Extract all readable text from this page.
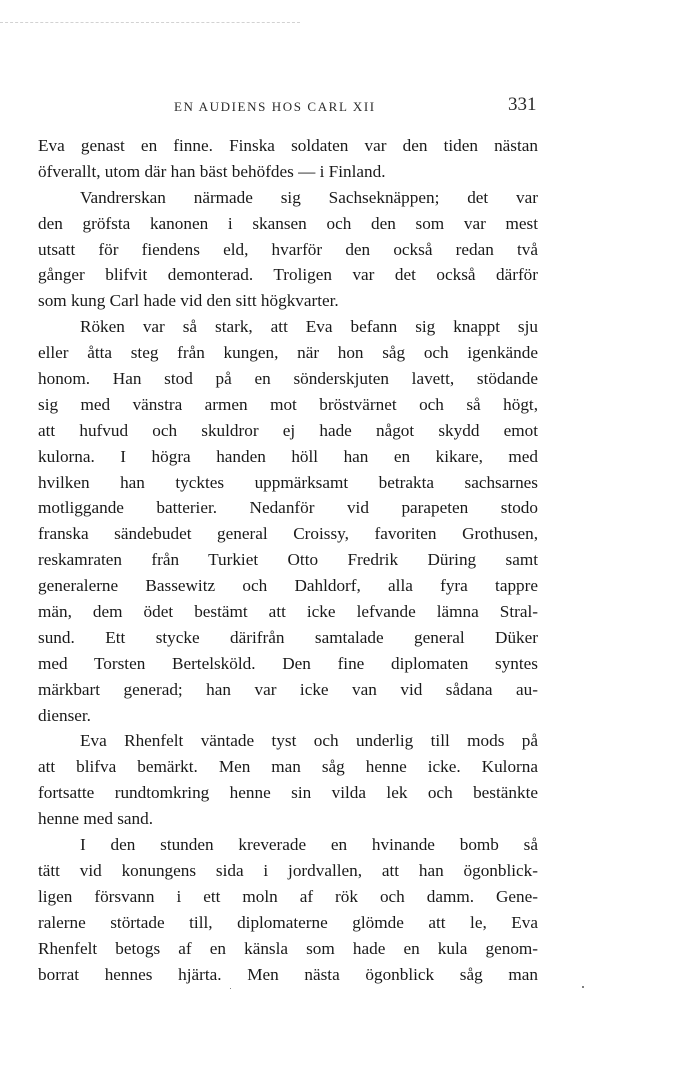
EN AUDIENS HOS CARL XII	331
Eva genast en finne. Finska soldaten var den tiden nästan
öfverallt, utom där han bäst behöfdes — i Finland.
Vandrerskan närmade sig Sachseknäppen; det var
den gröfsta kanonen i skansen och den som var mest
utsatt för fiendens eld, hvarför den också redan två
gånger blifvit demonterad. Troligen var det också därför
som kung Carl hade vid den sitt högkvarter.
Röken var så stark, att Eva befann sig knappt sju
eller åtta steg från kungen, när hon såg och igenkände
honom. Han stod på en sönderskjuten lavett, stödande
sig med vänstra armen mot bröstvärnet och så högt,
att hufvud och skuldror ej hade något skydd emot
kulorna. I högra handen höll han en kikare, med
hvilken han tycktes uppmärksamt betrakta sachsarnes
motliggande batterier. Nedanför vid parapeten stodo
franska sändebudet general Croissy, favoriten Grothusen,
reskamraten från Turkiet Otto Fredrik Düring samt
generalerne Bassewitz och Dahldorf, alla fyra tappre
män, dem ödet bestämt att icke lefvande lämna Stral-
sund. Ett stycke därifrån samtalade general Düker
med Torsten Bertelsköld. Den fine diplomaten syntes
märkbart generad; han var icke van vid sådana au-
dienser.
Eva Rhenfelt väntade tyst och underlig till mods på
att blifva bemärkt. Men man såg henne icke. Kulorna
fortsatte rundtomkring henne sin vilda lek och bestänkte
henne med sand.
I den stunden kreverade en hvinande bomb så
tätt vid konungens sida i jordvallen, att han ögonblick-
ligen försvann i ett moln af rök och damm. Gene-
ralerne störtade till, diplomaterne glömde att le, Eva
Rhenfelt betogs af en känsla som hade en kula genom-
borrat hennes hjärta. Men nästa ögonblick såg man
